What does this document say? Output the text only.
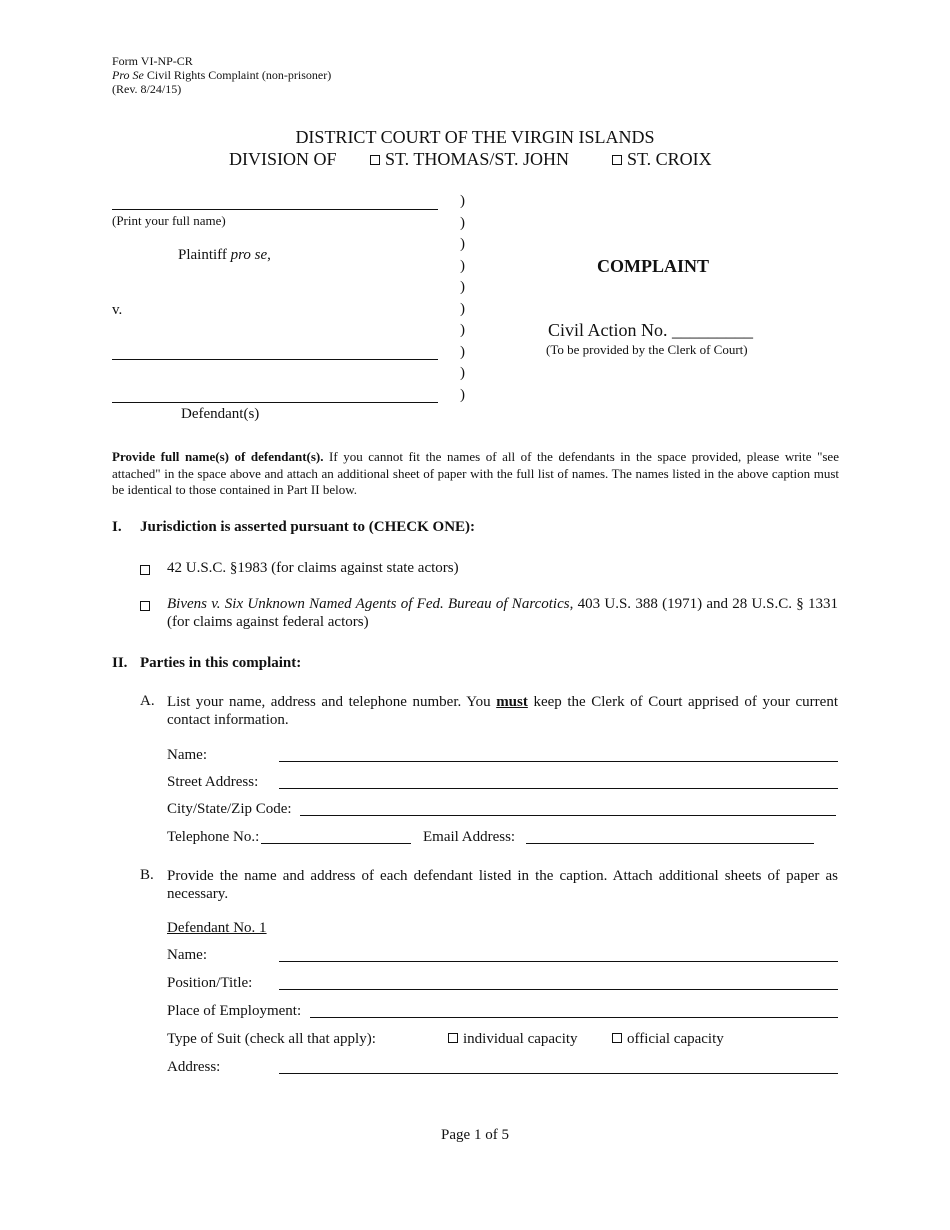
Form VI-NP-CR
Pro Se Civil Rights Complaint (non-prisoner)
(Rev. 8/24/15)
DISTRICT COURT OF THE VIRGIN ISLANDS
DIVISION OF	ST. THOMAS/ST. JOHN	ST. CROIX
(Print your full name)
Plaintiff pro se,
v.
Defendant(s)
)
)
)
)
)
)
)
)
)
)
COMPLAINT
Civil Action No. _________
(To be provided by the Clerk of Court)
Provide full name(s) of defendant(s). If you cannot fit the names of all of the defendants in the space provided, please write "see attached" in the space above and attach an additional sheet of paper with the full list of names. The names listed in the above caption must be identical to those contained in Part II below.
I. Jurisdiction is asserted pursuant to (CHECK ONE):
42 U.S.C. §1983 (for claims against state actors)
Bivens v. Six Unknown Named Agents of Fed. Bureau of Narcotics, 403 U.S. 388 (1971) and 28 U.S.C. § 1331 (for claims against federal actors)
II. Parties in this complaint:
A. List your name, address and telephone number. You must keep the Clerk of Court apprised of your current contact information.
Name:
Street Address:
City/State/Zip Code:
Telephone No.:	Email Address:
B. Provide the name and address of each defendant listed in the caption. Attach additional sheets of paper as necessary.
Defendant No. 1
Name:
Position/Title:
Place of Employment:
Type of Suit (check all that apply):	individual capacity	official capacity
Address:
Page 1 of 5
